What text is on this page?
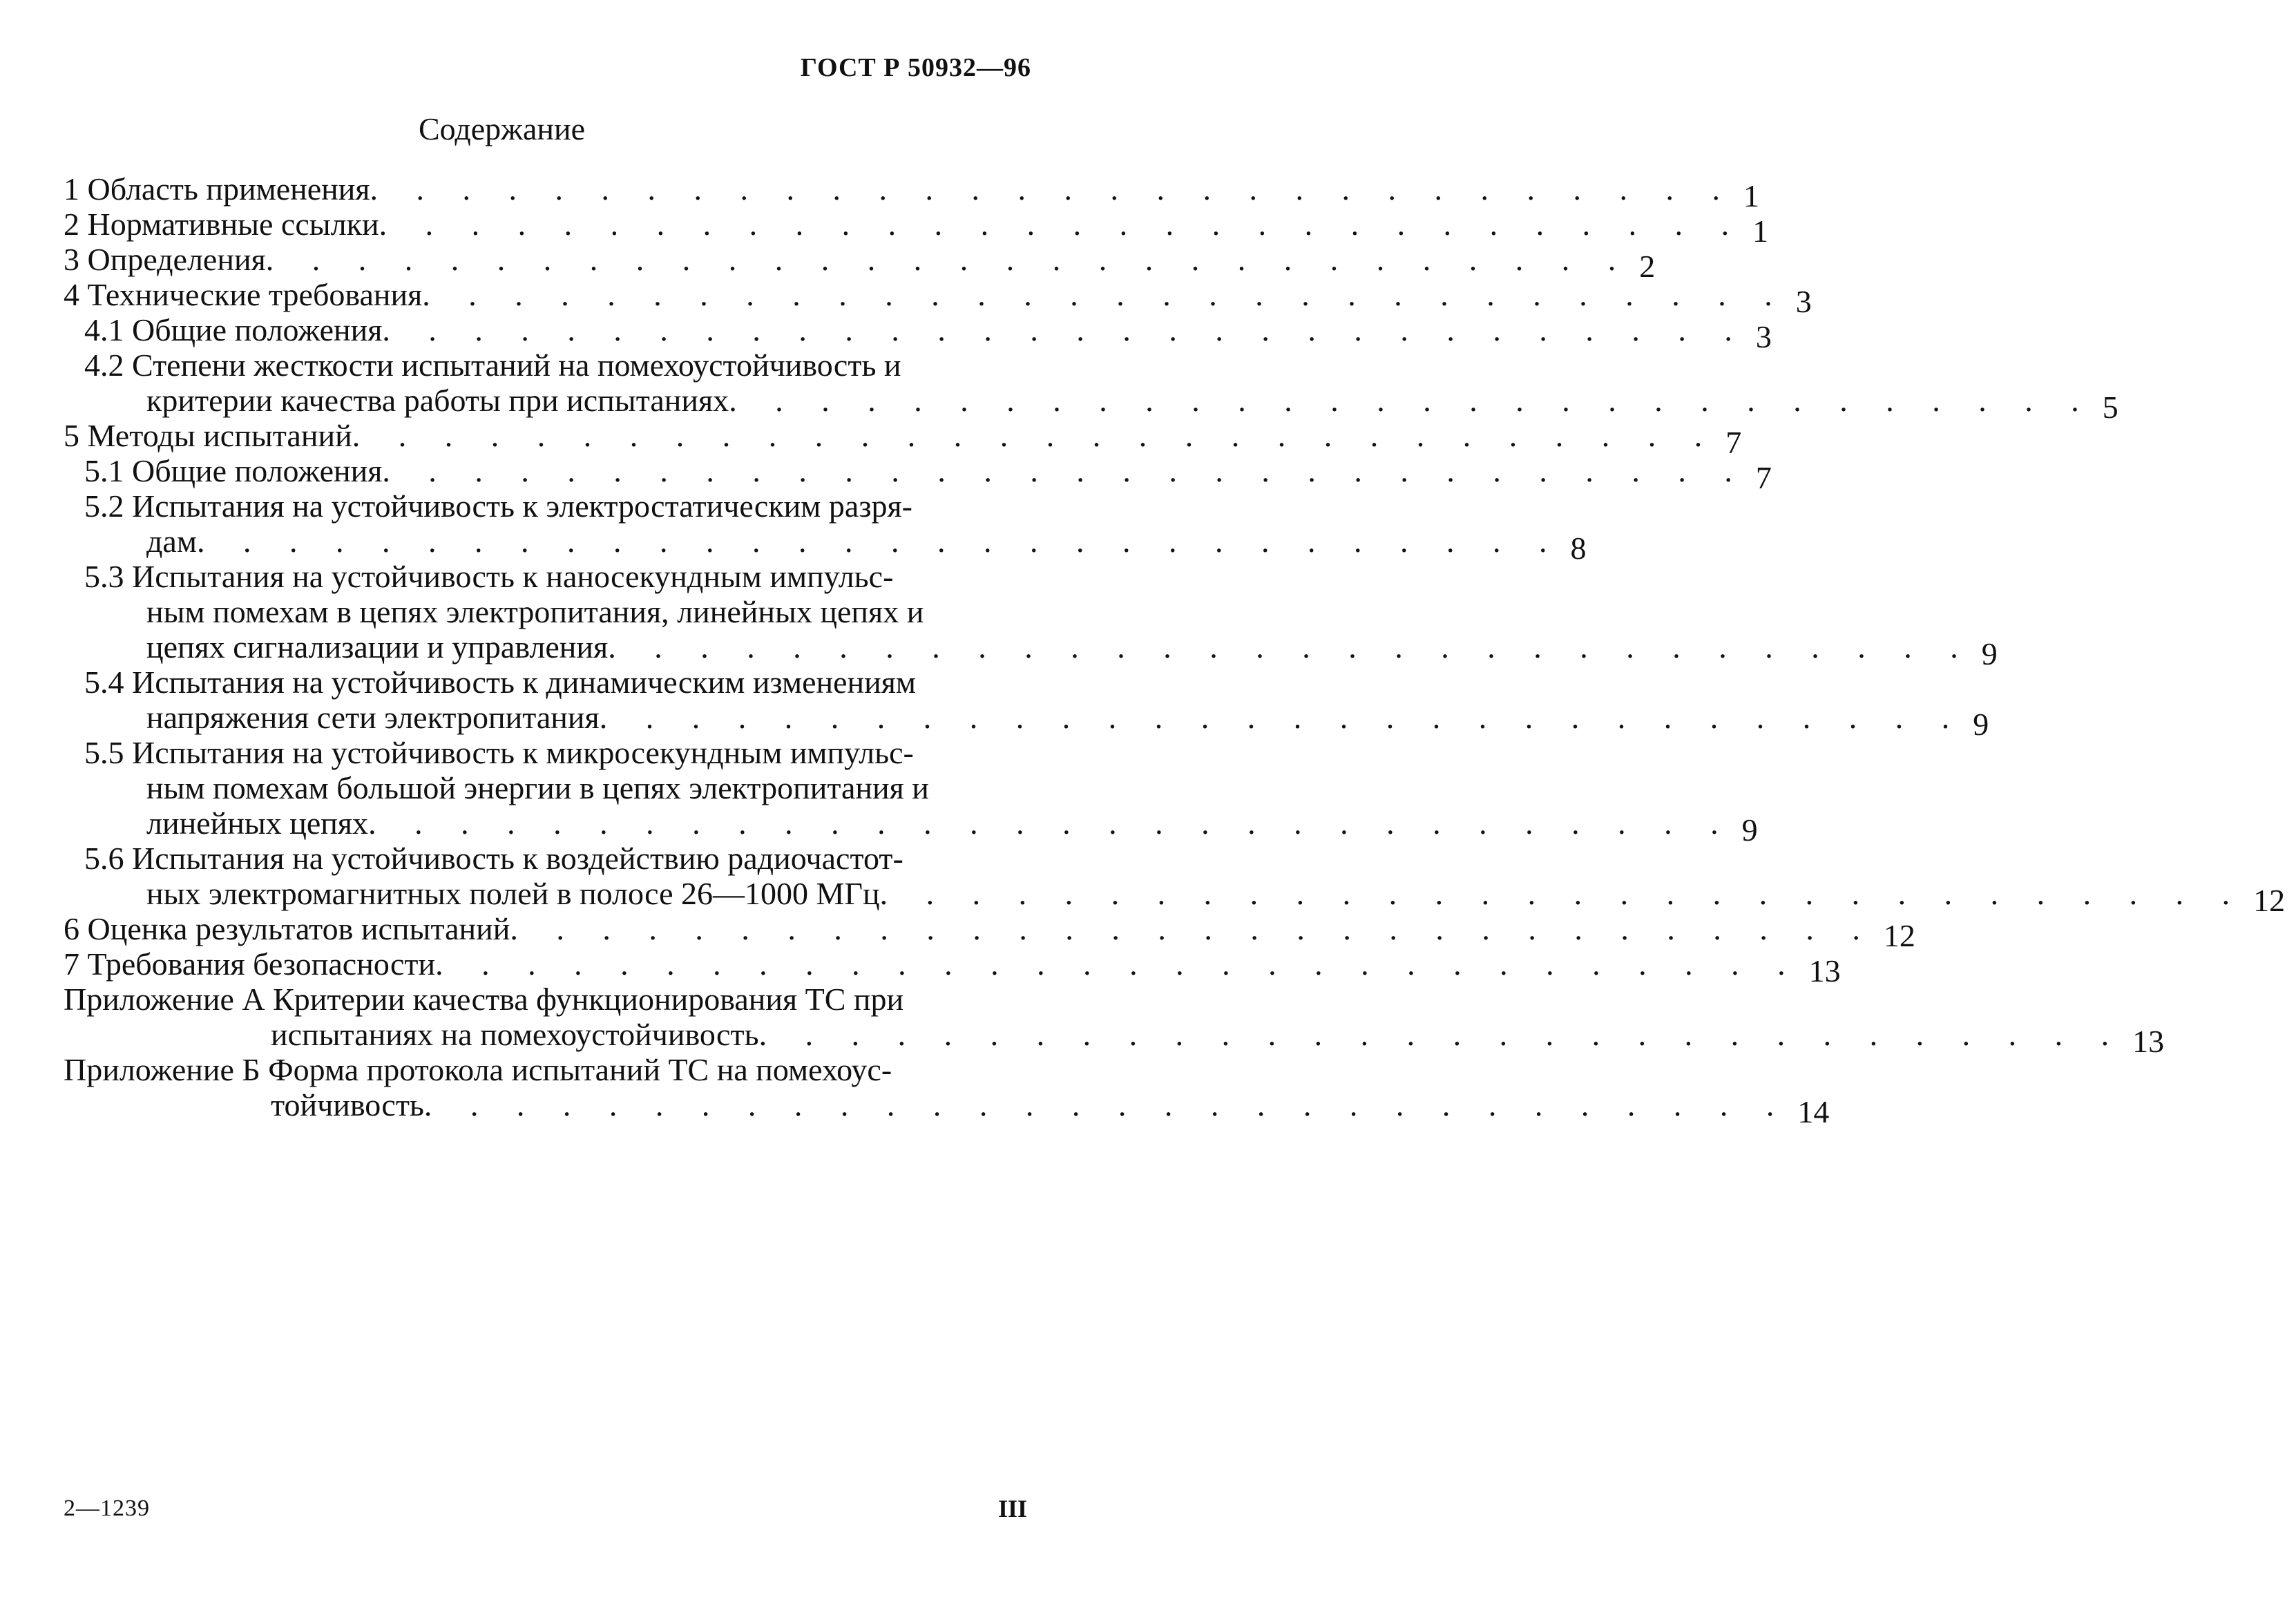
ГОСТ Р 50932—96
Содержание
1 Область применения . . . . . . . . . . . . . . . . . . . . . . . . . . . . . . 1
2 Нормативные ссылки . . . . . . . . . . . . . . . . . . . . . . . . . . . . . . 1
3 Определения . . . . . . . . . . . . . . . . . . . . . . . . . . . . . . 2
4 Технические требования . . . . . . . . . . . . . . . . . . . . . . . . . . . . . . 3
4.1 Общие положения . . . . . . . . . . . . . . . . . . . . . . . . . . . . . . 3
4.2 Степени жесткости испытаний на помехоустойчивость и
критерии качества работы при испытаниях . . . . . . . . . . . . . . . . . . . . . . . . . . . . . . 5
5 Методы испытаний . . . . . . . . . . . . . . . . . . . . . . . . . . . . . . 7
5.1 Общие положения . . . . . . . . . . . . . . . . . . . . . . . . . . . . . . 7
5.2 Испытания на устойчивость к электростатическим разря-
дам . . . . . . . . . . . . . . . . . . . . . . . . . . . . . . 8
5.3 Испытания на устойчивость к наносекундным импульс-
ным помехам в цепях электропитания, линейных цепях и
цепях сигнализации и управления . . . . . . . . . . . . . . . . . . . . . . . . . . . . . . 9
5.4 Испытания на устойчивость к динамическим изменениям
напряжения сети электропитания . . . . . . . . . . . . . . . . . . . . . . . . . . . . . . 9
5.5 Испытания на устойчивость к микросекундным импульс-
ным помехам большой энергии в цепях электропитания и
линейных цепях . . . . . . . . . . . . . . . . . . . . . . . . . . . . . . 9
5.6 Испытания на устойчивость к воздействию радиочастот-
ных электромагнитных полей в полосе 26—1000 МГц . . . . . . . . . . . . . . . . . . . . . . . . . . . . . . 12
6 Оценка результатов испытаний . . . . . . . . . . . . . . . . . . . . . . . . . . . . . . 12
7 Требования безопасности . . . . . . . . . . . . . . . . . . . . . . . . . . . . . . 13
Приложение А Критерии качества функционирования ТС при
испытаниях на помехоустойчивость . . . . . . . . . . . . . . . . . . . . . . . . . . . . . . 13
Приложение Б Форма протокола испытаний ТС на помехоус-
тойчивость . . . . . . . . . . . . . . . . . . . . . . . . . . . . . . 14
2—1239	III
